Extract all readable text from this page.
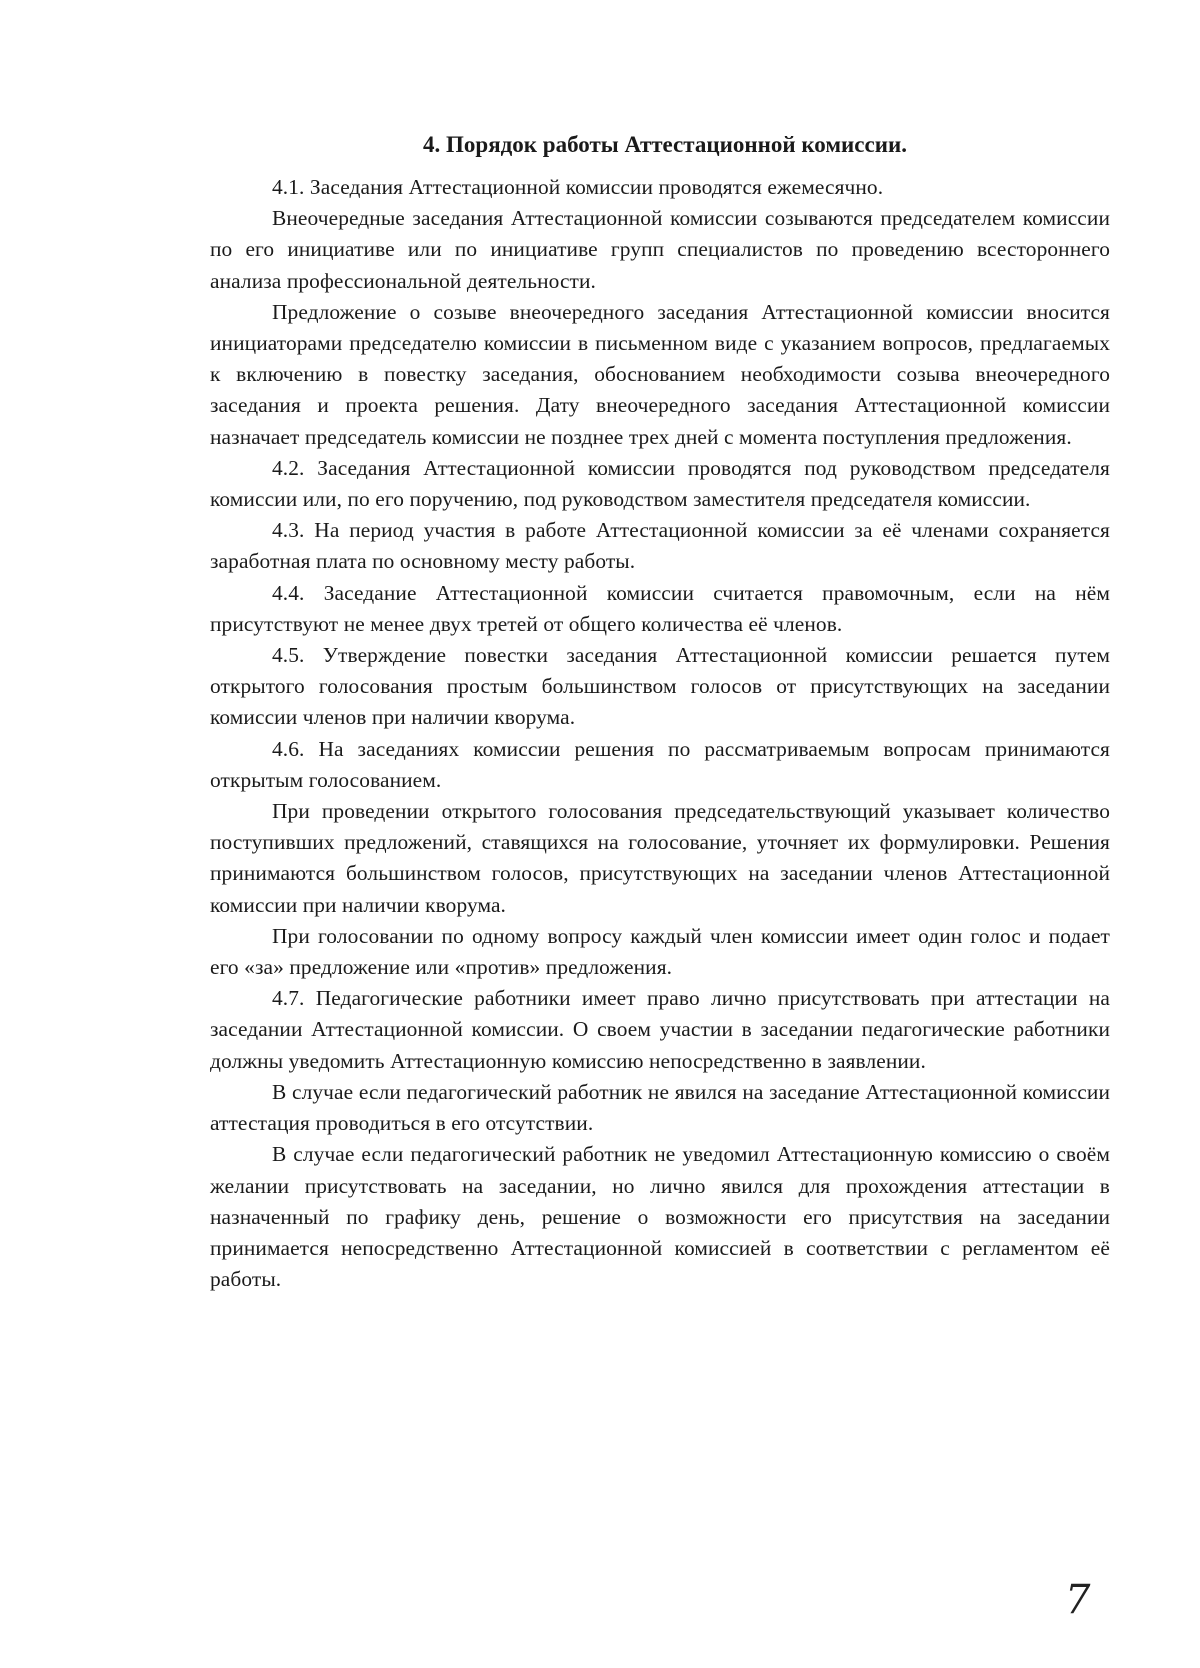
4. Порядок работы Аттестационной комиссии.

4.1. Заседания Аттестационной комиссии проводятся ежемесячно.

Внеочередные заседания Аттестационной комиссии созываются председателем комиссии по его инициативе или по инициативе групп специалистов по проведению всестороннего анализа профессиональной деятельности.

Предложение о созыве внеочередного заседания Аттестационной комиссии вносится инициаторами председателю комиссии в письменном виде с указанием вопросов, предлагаемых к включению в повестку заседания, обоснованием необходимости созыва внеочередного заседания и проекта решения. Дату внеочередного заседания Аттестационной комиссии назначает председатель комиссии не позднее трех дней с момента поступления предложения.

4.2. Заседания Аттестационной комиссии проводятся под руководством председателя комиссии или, по его поручению, под руководством заместителя председателя комиссии.

4.3. На период участия в работе Аттестационной комиссии за её членами сохраняется заработная плата по основному месту работы.

4.4. Заседание Аттестационной комиссии считается правомочным, если на нём присутствуют не менее двух третей от общего количества её членов.

4.5. Утверждение повестки заседания Аттестационной комиссии решается путем открытого голосования простым большинством голосов от присутствующих на заседании комиссии членов при наличии кворума.

4.6. На заседаниях комиссии решения по рассматриваемым вопросам принимаются открытым голосованием.

При проведении открытого голосования председательствующий указывает количество поступивших предложений, ставящихся на голосование, уточняет их формулировки. Решения принимаются большинством голосов, присутствующих на заседании членов Аттестационной комиссии при наличии кворума.

При голосовании по одному вопросу каждый член комиссии имеет один голос и подает его «за» предложение или «против» предложения.

4.7. Педагогические работники имеет право лично присутствовать при аттестации на заседании Аттестационной комиссии. О своем участии в заседании педагогические работники должны уведомить Аттестационную комиссию непосредственно в заявлении.

В случае если педагогический работник не явился на заседание Аттестационной комиссии аттестация проводиться в его отсутствии.

В случае если педагогический работник не уведомил Аттестационную комиссию о своём желании присутствовать на заседании, но лично явился для прохождения аттестации в назначенный по графику день, решение о возможности его присутствия на заседании принимается непосредственно Аттестационной комиссией в соответствии с регламентом её работы.

7
